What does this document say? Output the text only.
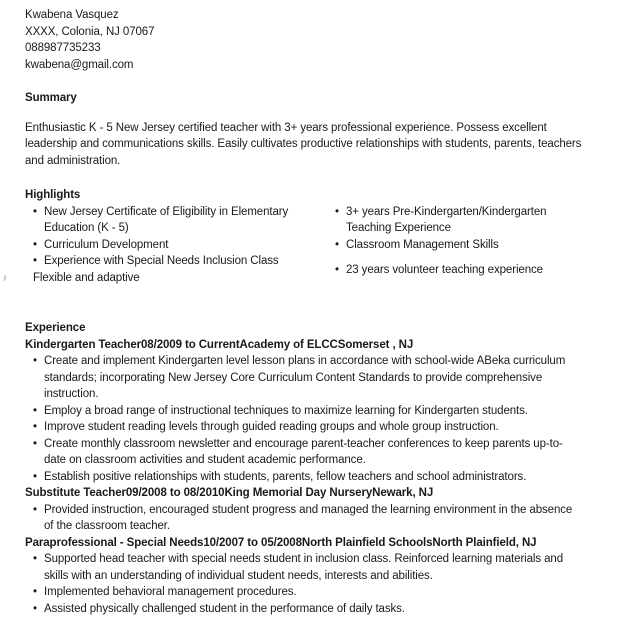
Kwabena Vasquez
XXXX, Colonia, NJ 07067
088987735233
kwabena@gmail.com
Summary

Enthusiastic K - 5 New Jersey certified teacher with 3+ years professional experience. Possess excellent leadership and communications skills. Easily cultivates productive relationships with students, parents, teachers and administration.

Highlights
• New Jersey Certificate of Eligibility in Elementary Education (K - 5)
• Curriculum Development
• Experience with Special Needs Inclusion Class
Flexible and adaptive
• 3+ years Pre-Kindergarten/Kindergarten Teaching Experience
• Classroom Management Skills
• 23 years volunteer teaching experience
Experience
Kindergarten Teacher08/2009 to CurrentAcademy of ELCCSomerset , NJ
• Create and implement Kindergarten level lesson plans in accordance with school-wide ABeka curriculum standards; incorporating New Jersey Core Curriculum Content Standards to provide comprehensive instruction.
• Employ a broad range of instructional techniques to maximize learning for Kindergarten students.
• Improve student reading levels through guided reading groups and whole group instruction.
• Create monthly classroom newsletter and encourage parent-teacher conferences to keep parents up-to-date on classroom activities and student academic performance.
• Establish positive relationships with students, parents, fellow teachers and school administrators.
Substitute Teacher09/2008 to 08/2010King Memorial Day NurseryNewark, NJ
• Provided instruction, encouraged student progress and managed the learning environment in the absence of the classroom teacher.
Paraprofessional - Special Needs10/2007 to 05/2008North Plainfield SchoolsNorth Plainfield, NJ
• Supported head teacher with special needs student in inclusion class. Reinforced learning materials and skills with an understanding of individual student needs, interests and abilities.
• Implemented behavioral management procedures.
• Assisted physically challenged student in the performance of daily tasks.
